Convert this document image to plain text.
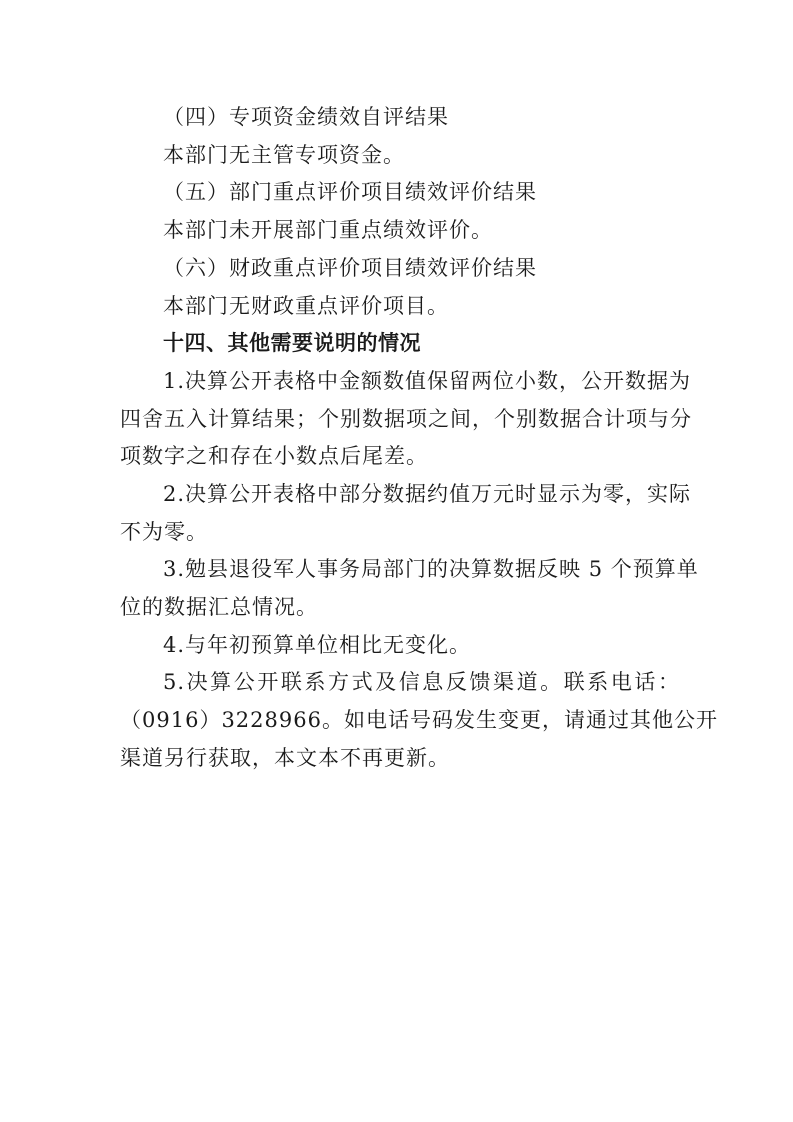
（四）专项资金绩效自评结果
本部门无主管专项资金。
（五）部门重点评价项目绩效评价结果
本部门未开展部门重点绩效评价。
（六）财政重点评价项目绩效评价结果
本部门无财政重点评价项目。
十四、其他需要说明的情况
1.决算公开表格中金额数值保留两位小数，公开数据为
四舍五入计算结果；个别数据项之间，个别数据合计项与分
项数字之和存在小数点后尾差。
2.决算公开表格中部分数据约值万元时显示为零，实际
不为零。
3.勉县退役军人事务局部门的决算数据反映 5 个预算单
位的数据汇总情况。
4.与年初预算单位相比无变化。
5.决算公开联系方式及信息反馈渠道。联系电话：
（0916）3228966。如电话号码发生变更，请通过其他公开
渠道另行获取，本文本不再更新。
